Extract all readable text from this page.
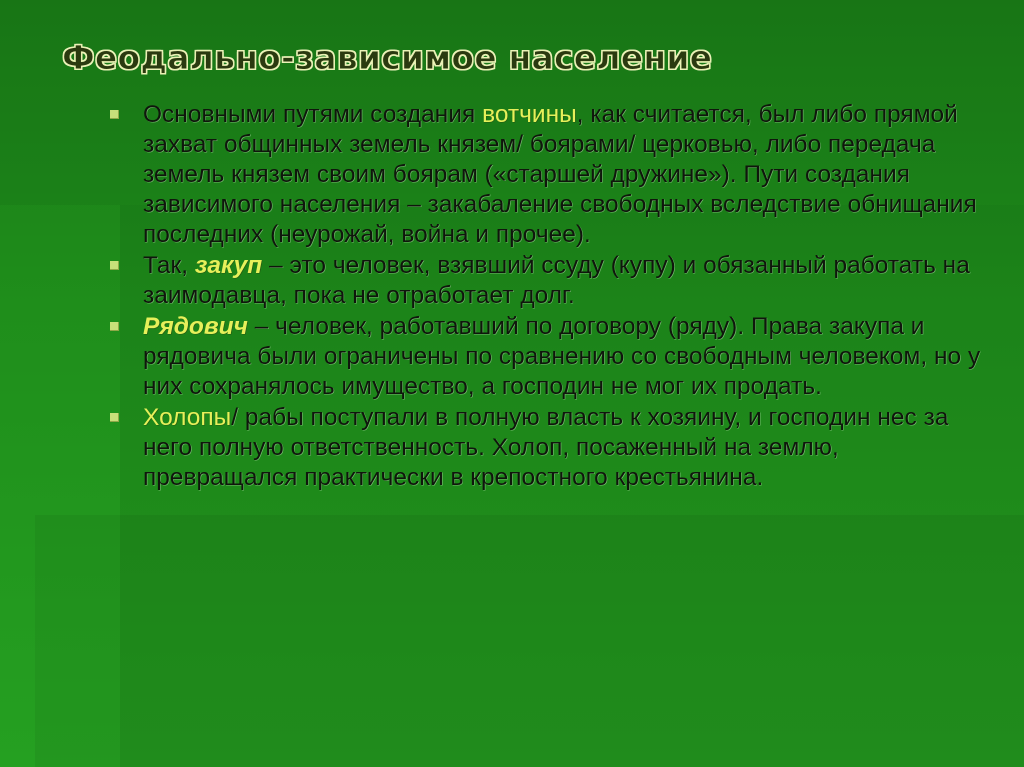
Феодально-зависимое население
Основными путями создания вотчины, как считается, был либо прямой захват общинных земель князем/ боярами/ церковью, либо передача земель князем своим боярам («старшей дружине»). Пути создания зависимого населения – закабаление свободных вследствие обнищания последних (неурожай, война и прочее).
Так, закуп – это человек, взявший ссуду (купу) и обязанный работать на заимодавца, пока не отработает долг.
Рядович – человек, работавший по договору (ряду). Права закупа и рядовича были ограничены по сравнению со свободным человеком, но у них сохранялось имущество, а господин не мог их продать.
Холопы/ рабы поступали в полную власть к хозяину, и господин нес за него полную ответственность. Холоп, посаженный на землю, превращался практически в крепостного крестьянина.
